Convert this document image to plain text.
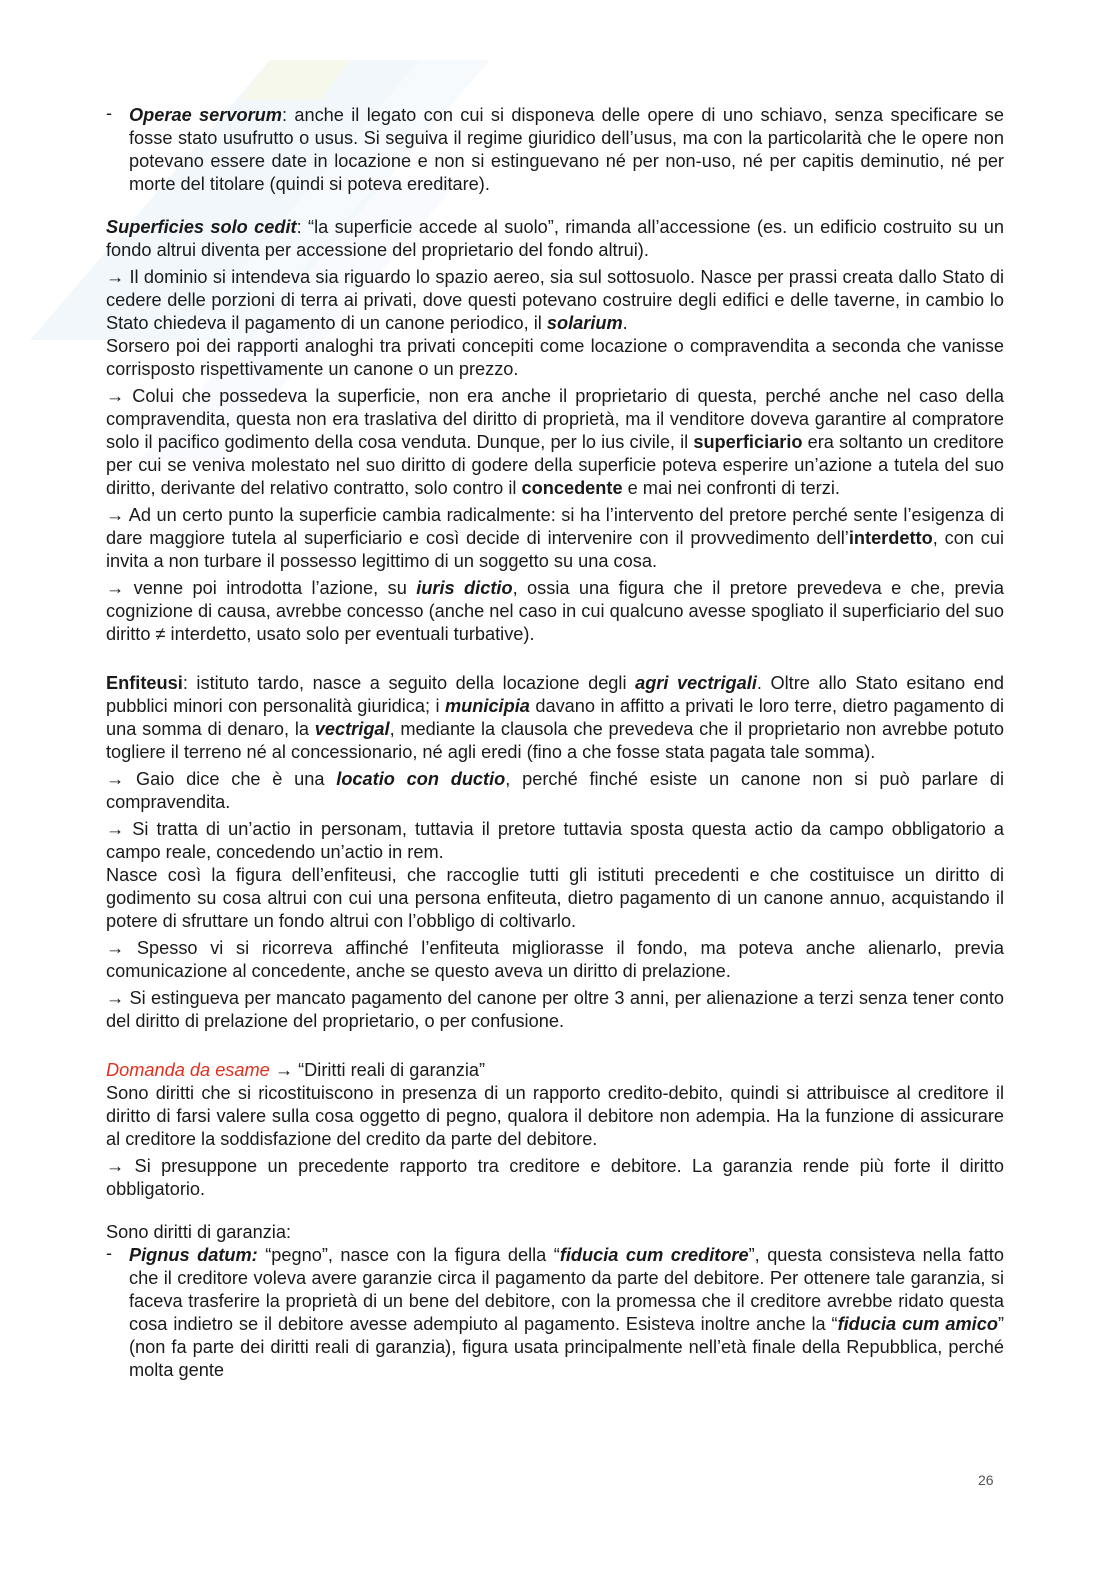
- Operae servorum: anche il legato con cui si disponeva delle opere di uno schiavo, senza specificare se fosse stato usufrutto o usus. Si seguiva il regime giuridico dell’usus, ma con la particolarità che le opere non potevano essere date in locazione e non si estinguevano né per non-uso, né per capitis deminutio, né per morte del titolare (quindi si poteva ereditare).

Superficies solo cedit: “la superficie accede al suolo”, rimanda all’accessione (es. un edificio costruito su un fondo altrui diventa per accessione del proprietario del fondo altrui).

→ Il dominio si intendeva sia riguardo lo spazio aereo, sia sul sottosuolo. Nasce per prassi creata dallo Stato di cedere delle porzioni di terra ai privati, dove questi potevano costruire degli edifici e delle taverne, in cambio lo Stato chiedeva il pagamento di un canone periodico, il solarium.
Sorsero poi dei rapporti analoghi tra privati concepiti come locazione o compravendita a seconda che vanisse corrisposto rispettivamente un canone o un prezzo.

→ Colui che possedeva la superficie, non era anche il proprietario di questa, perché anche nel caso della compravendita, questa non era traslativa del diritto di proprietà, ma il venditore doveva garantire al compratore solo il pacifico godimento della cosa venduta. Dunque, per lo ius civile, il superficiario era soltanto un creditore per cui se veniva molestato nel suo diritto di godere della superficie poteva esperire un’azione a tutela del suo diritto, derivante del relativo contratto, solo contro il concedente e mai nei confronti di terzi.

→ Ad un certo punto la superficie cambia radicalmente: si ha l’intervento del pretore perché sente l’esigenza di dare maggiore tutela al superficiario e così decide di intervenire con il provvedimento dell’interdetto, con cui invita a non turbare il possesso legittimo di un soggetto su una cosa.

→ venne poi introdotta l’azione, su iuris dictio, ossia una figura che il pretore prevedeva e che, previa cognizione di causa, avrebbe concesso (anche nel caso in cui qualcuno avesse spogliato il superficiario del suo diritto ≠ interdetto, usato solo per eventuali turbative).

Enfiteusi: istituto tardo, nasce a seguito della locazione degli agri vectrigali. Oltre allo Stato esitano end pubblici minori con personalità giuridica; i municipia davano in affitto a privati le loro terre, dietro pagamento di una somma di denaro, la vectrigal, mediante la clausola che prevedeva che il proprietario non avrebbe potuto togliere il terreno né al concessionario, né agli eredi (fino a che fosse stata pagata tale somma).

→ Gaio dice che è una locatio con ductio, perché finché esiste un canone non si può parlare di compravendita.

→ Si tratta di un’actio in personam, tuttavia il pretore tuttavia sposta questa actio da campo obbligatorio a campo reale, concedendo un’actio in rem.
Nasce così la figura dell’enfiteusi, che raccoglie tutti gli istituti precedenti e che costituisce un diritto di godimento su cosa altrui con cui una persona enfiteuta, dietro pagamento di un canone annuo, acquistando il potere di sfruttare un fondo altrui con l’obbligo di coltivarlo.

→ Spesso vi si ricorreva affinché l’enfiteuta migliorasse il fondo, ma poteva anche alienarlo, previa comunicazione al concedente, anche se questo aveva un diritto di prelazione.

→ Si estingueva per mancato pagamento del canone per oltre 3 anni, per alienazione a terzi senza tener conto del diritto di prelazione del proprietario, o per confusione.

Domanda da esame → “Diritti reali di garanzia”
Sono diritti che si ricostituiscono in presenza di un rapporto credito-debito, quindi si attribuisce al creditore il diritto di farsi valere sulla cosa oggetto di pegno, qualora il debitore non adempia. Ha la funzione di assicurare al creditore la soddisfazione del credito da parte del debitore.

→ Si presuppone un precedente rapporto tra creditore e debitore. La garanzia rende più forte il diritto obbligatorio.

Sono diritti di garanzia:

- Pignus datum: “pegno”, nasce con la figura della “fiducia cum creditore”, questa consisteva nella fatto che il creditore voleva avere garanzie circa il pagamento da parte del debitore. Per ottenere tale garanzia, si faceva trasferire la proprietà di un bene del debitore, con la promessa che il creditore avrebbe ridato questa cosa indietro se il debitore avesse adempiuto al pagamento. Esisteva inoltre anche la “fiducia cum amico” (non fa parte dei diritti reali di garanzia), figura usata principalmente nell’età finale della Repubblica, perché molta gente
26
